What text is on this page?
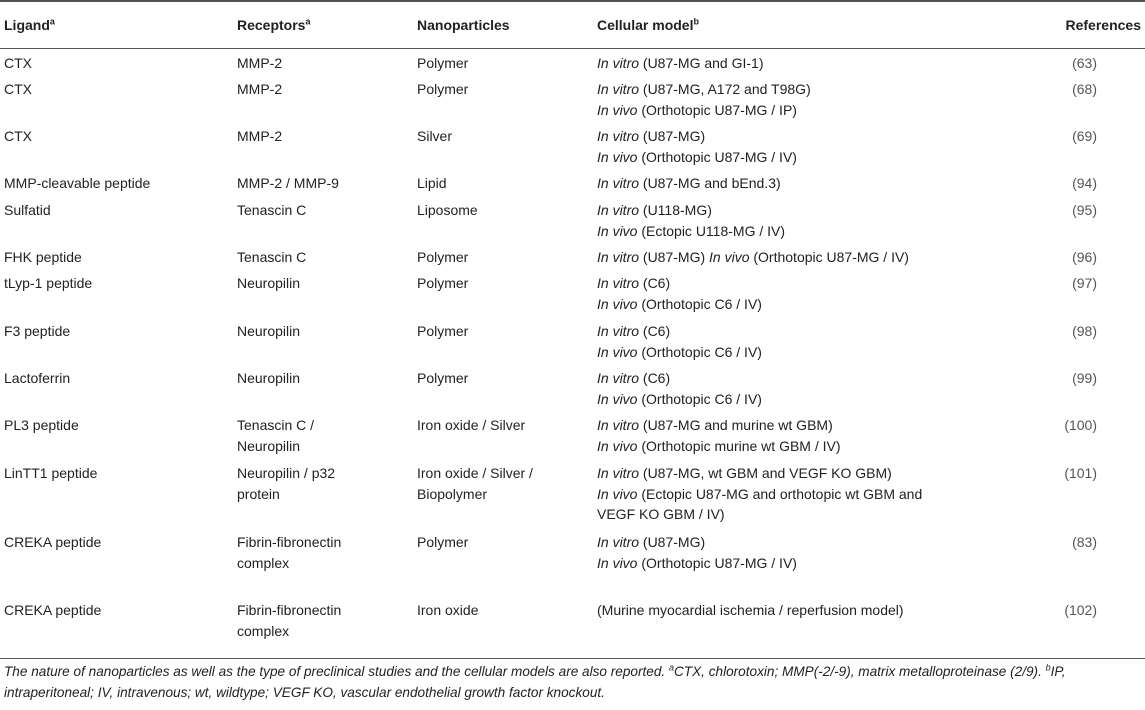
Ligand$^a$	Receptors$^a$	Nanoparticles	Cellular model$^b$	References

CTX	MMP-2	Polymer	In vitro (U87-MG and GI-1)	(63)

CTX	MMP-2	Polymer	In vitro (U87-MG, A172 and T98G)
In vivo (Orthotopic U87-MG / IP)	(68)

CTX	MMP-2	Silver	In vitro (U87-MG)
In vivo (Orthotopic U87-MG / IV)	(69)

MMP-cleavable peptide	MMP-2 / MMP-9	Lipid	In vitro (U87-MG and bEnd.3)	(94)

Sulfatid	Tenascin C	Liposome	In vitro (U118-MG)
In vivo (Ectopic U118-MG / IV)	(95)

FHK peptide	Tenascin C	Polymer	In vitro (U87-MG) In vivo (Orthotopic U87-MG / IV)	(96)

tLyp-1 peptide	Neuropilin	Polymer	In vitro (C6)
In vivo (Orthotopic C6 / IV)	(97)

F3 peptide	Neuropilin	Polymer	In vitro (C6)
In vivo (Orthotopic C6 / IV)	(98)

Lactoferrin	Neuropilin	Polymer	In vitro (C6)
In vivo (Orthotopic C6 / IV)	(99)

PL3 peptide	Tenascin C /
Neuropilin	Iron oxide / Silver	In vitro (U87-MG and murine wt GBM)
In vivo (Orthotopic murine wt GBM / IV)	(100)

LinTT1 peptide	Neuropilin / p32
protein	Iron oxide / Silver /
Biopolymer	In vitro (U87-MG, wt GBM and VEGF KO GBM)
In vivo (Ectopic U87-MG and orthotopic wt GBM and
VEGF KO GBM / IV)	(101)

CREKA peptide	Fibrin-fibronectin
complex	Polymer	In vitro (U87-MG)
In vivo (Orthotopic U87-MG / IV)	(83)

CREKA peptide	Fibrin-fibronectin
complex	Iron oxide	(Murine myocardial ischemia / reperfusion model)	(102)
The nature of nanoparticles as well as the type of preclinical studies and the cellular models are also reported. $^a$CTX, chlorotoxin; MMP(-2/-9), matrix metalloproteinase (2/9). $^b$IP, intraperitoneal; IV, intravenous; wt, wildtype; VEGF KO, vascular endothelial growth factor knockout.
